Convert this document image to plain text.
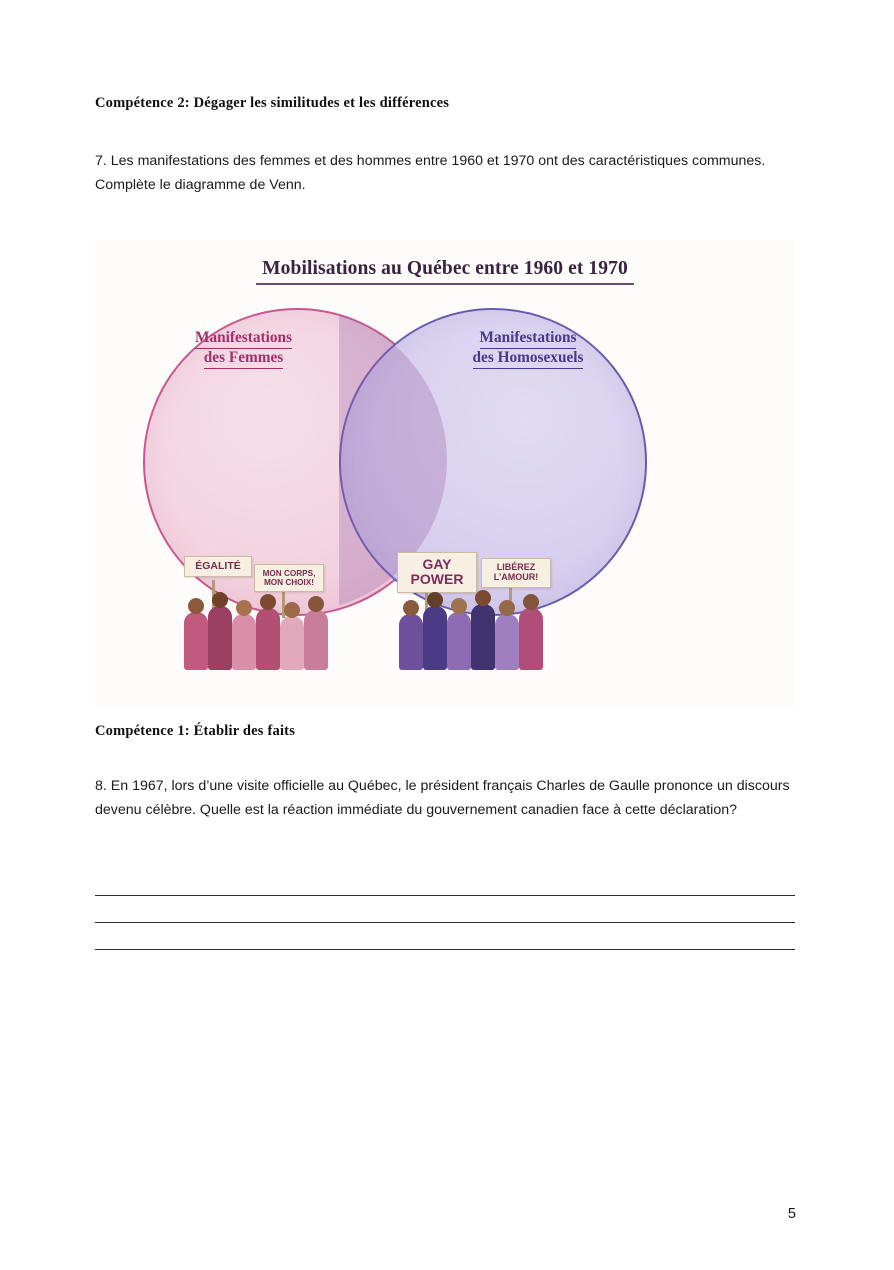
Compétence 2: Dégager les similitudes et les différences
7. Les manifestations des femmes et des hommes entre 1960 et 1970 ont des caractéristiques communes. Complète le diagramme de Venn.
Mobilisations au Québec entre 1960 et 1970
Manifestations
des Femmes
Manifestations
des Homosexuels
ÉGALITÉ
MON CORPS,
MON CHOIX!
GAY
POWER
LIBÉREZ
L’AMOUR!
Compétence 1: Établir des faits
8. En 1967, lors d’une visite officielle au Québec, le président français Charles de Gaulle prononce un discours devenu célèbre. Quelle est la réaction immédiate du gouvernement canadien face à cette déclaration?
5
